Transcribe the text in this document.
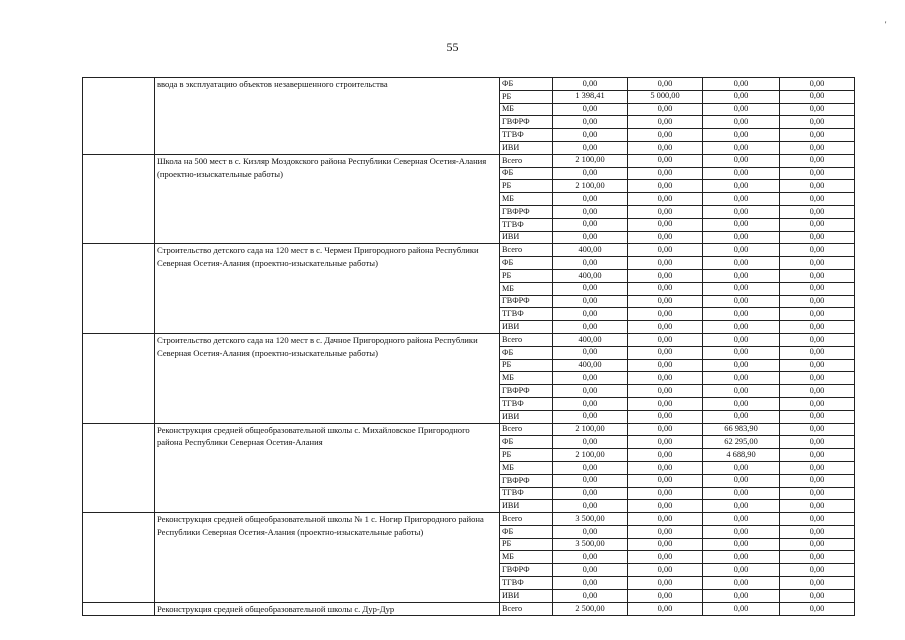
55
'
	ввода в эксплуатацию объектов незавершенного строительства	ФБ	0,00	0,00	0,00	0,00
		РБ	1 398,41	5 000,00	0,00	0,00
		МБ	0,00	0,00	0,00	0,00
		ГВФРФ	0,00	0,00	0,00	0,00
		ТГВФ	0,00	0,00	0,00	0,00
		ИВИ	0,00	0,00	0,00	0,00
	Школа на 500 мест в с. Кизляр Моздокского района Республики Северная Осетия-Алания (проектно-изыскательные работы)	Всего	2 100,00	0,00	0,00	0,00
		ФБ	0,00	0,00	0,00	0,00
		РБ	2 100,00	0,00	0,00	0,00
		МБ	0,00	0,00	0,00	0,00
		ГВФРФ	0,00	0,00	0,00	0,00
		ТГВФ	0,00	0,00	0,00	0,00
		ИВИ	0,00	0,00	0,00	0,00
	Строительство детского сада на 120 мест в с. Чермен Пригородного района Республики Северная Осетия-Алания (проектно-изыскательные работы)	Всего	400,00	0,00	0,00	0,00
		ФБ	0,00	0,00	0,00	0,00
		РБ	400,00	0,00	0,00	0,00
		МБ	0,00	0,00	0,00	0,00
		ГВФРФ	0,00	0,00	0,00	0,00
		ТГВФ	0,00	0,00	0,00	0,00
		ИВИ	0,00	0,00	0,00	0,00
	Строительство детского сада на 120 мест в с. Дачное Пригородного района Республики Северная Осетия-Алания (проектно-изыскательные работы)	Всего	400,00	0,00	0,00	0,00
		ФБ	0,00	0,00	0,00	0,00
		РБ	400,00	0,00	0,00	0,00
		МБ	0,00	0,00	0,00	0,00
		ГВФРФ	0,00	0,00	0,00	0,00
		ТГВФ	0,00	0,00	0,00	0,00
		ИВИ	0,00	0,00	0,00	0,00
	Реконструкция средней общеобразовательной школы с. Михайловское Пригородного района Республики Северная Осетия-Алания	Всего	2 100,00	0,00	66 983,90	0,00
		ФБ	0,00	0,00	62 295,00	0,00
		РБ	2 100,00	0,00	4 688,90	0,00
		МБ	0,00	0,00	0,00	0,00
		ГВФРФ	0,00	0,00	0,00	0,00
		ТГВФ	0,00	0,00	0,00	0,00
		ИВИ	0,00	0,00	0,00	0,00
	Реконструкция средней общеобразовательной школы № 1 с. Ногир Пригородного района Республики Северная Осетия-Алания (проектно-изыскательные работы)	Всего	3 500,00	0,00	0,00	0,00
		ФБ	0,00	0,00	0,00	0,00
		РБ	3 500,00	0,00	0,00	0,00
		МБ	0,00	0,00	0,00	0,00
		ГВФРФ	0,00	0,00	0,00	0,00
		ТГВФ	0,00	0,00	0,00	0,00
		ИВИ	0,00	0,00	0,00	0,00
	Реконструкция средней общеобразовательной школы с. Дур-Дур	Всего	2 500,00	0,00	0,00	0,00
